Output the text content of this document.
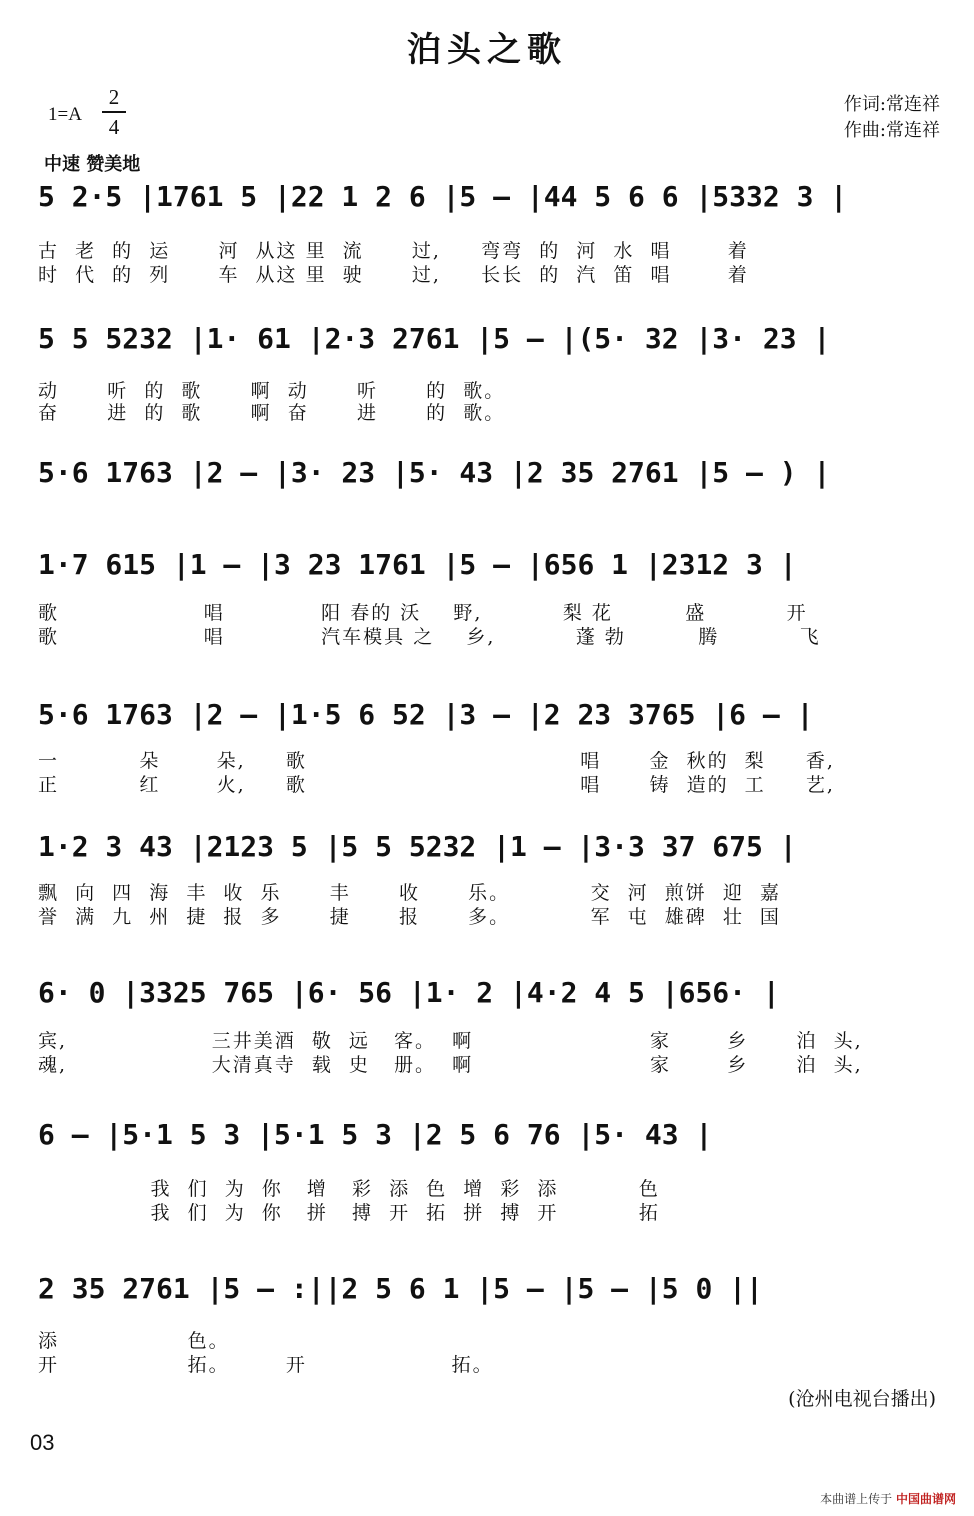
泊头之歌
1=A
2
4
作词:常连祥
作曲:常连祥
中速 赞美地
5 2·5 |1761 5 |22 1 2 6 |5 – |44 5 6 6 |5332 3 |
古  老  的  运      河  从这 里  流      过,     弯弯  的  河  水  唱       着
时  代  的  列      车  从这 里  驶      过,     长长  的  汽  笛  唱       着
5 5 5232 |1· 61 |2·3 2761 |5 – |(5· 32 |3· 23 |
动      听  的  歌      啊  动      听      的  歌。
奋      进  的  歌      啊  奋      进      的  歌。
5·6 1763 |2 – |3· 23 |5· 43 |2 35 2761 |5 – ) |
1·7 615 |1 – |3 23 1761 |5 – |656 1 |2312 3 |
歌                  唱            阳 春的 沃    野,          梨 花         盛          开
歌                  唱            汽车模具 之    乡,          蓬 勃         腾          飞
5·6 1763 |2 – |1·5 6 52 |3 – |2 23 3765 |6 – |
一          朵       朵,     歌                                  唱      金  秋的  梨     香,
正          红       火,     歌                                  唱      铸  造的  工     艺,
1·2 3 43 |2123 5 |5 5 5232 |1 – |3·3 37 675 |
飘  向  四  海  丰  收  乐      丰      收      乐。          交  河  煎饼  迎  嘉
誉  满  九  州  捷  报  多      捷      报      多。          军  屯  雄碑  壮  国
6· 0 |3325 765 |6· 56 |1· 2 |4·2 4 5 |656· |
宾,                  三井美酒  敬  远   客。  啊                      家       乡      泊  头,
魂,                  大清真寺  载  史   册。  啊                      家       乡      泊  头,
6 – |5·1 5 3 |5·1 5 3 |2 5 6 76 |5· 43 |
我  们  为  你   增   彩  添  色  增  彩  添          色
我  们  为  你   拼   搏  开  拓  拼  搏  开          拓
2 35 2761 |5 – :||2 5 6 1 |5 – |5 – |5 0 ||
添                色。
开                拓。       开                  拓。
(沧州电视台播出)
03
本曲谱上传于 中国曲谱网
